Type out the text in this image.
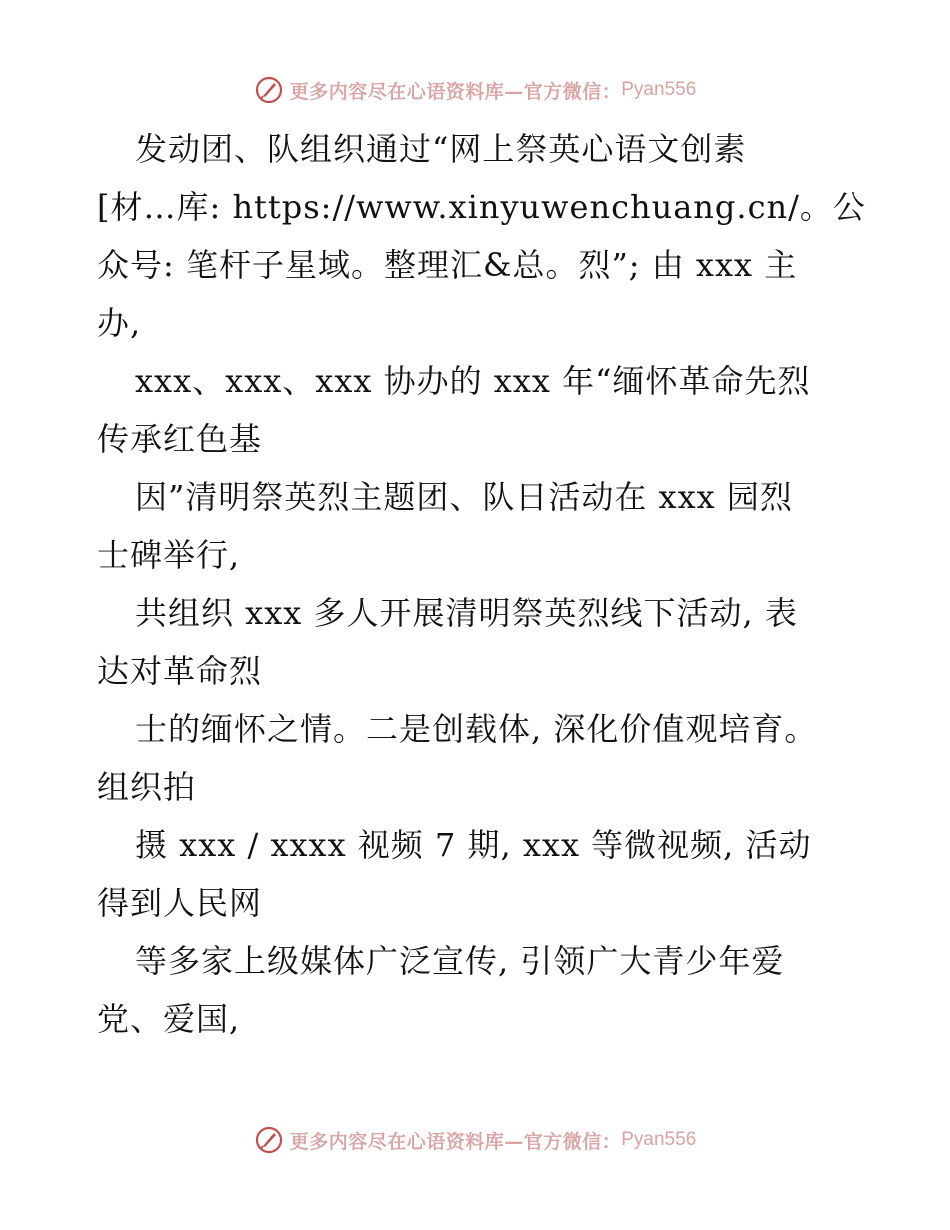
更多内容尽在心语资料库—官方微信： Pyan556
发动团、队组织通过“网上祭英心语文创素
[材…库: https://www.xinyuwenchuang.cn/。公
众号: 笔杆子星域。整理汇&总。烈”; 由 xxx 主
办,
xxx、xxx、xxx 协办的 xxx 年“缅怀革命先烈
传承红色基
因”清明祭英烈主题团、队日活动在 xxx 园烈
士碑举行,
共组织 xxx 多人开展清明祭英烈线下活动, 表
达对革命烈
士的缅怀之情。二是创载体, 深化价值观培育。
组织拍
摄 xxx / xxxx 视频 7 期, xxx 等微视频, 活动
得到人民网
等多家上级媒体广泛宣传, 引领广大青少年爱
党、爱国,
更多内容尽在心语资料库—官方微信： Pyan556
